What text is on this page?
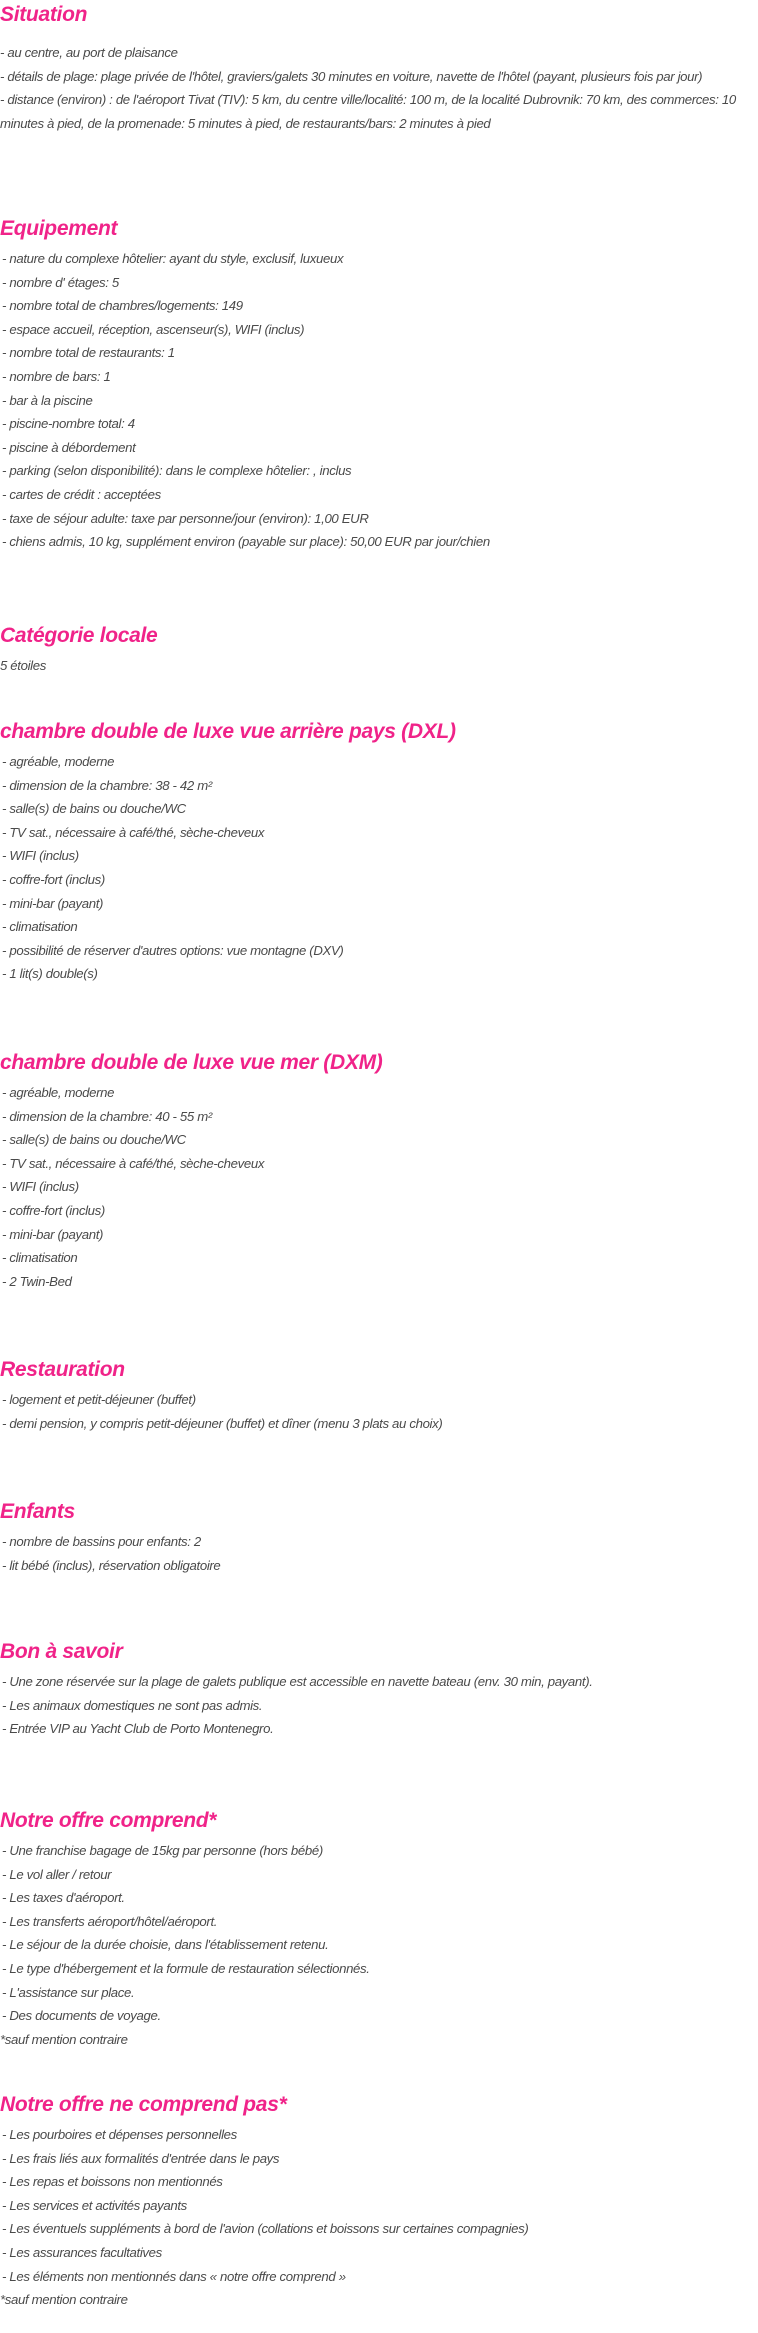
Situation
- au centre, au port de plaisance
- détails de plage: plage privée de l'hôtel, graviers/galets 30 minutes en voiture, navette de l'hôtel (payant, plusieurs fois par jour)
- distance (environ) : de l'aéroport Tivat (TIV): 5 km, du centre ville/localité: 100 m, de la localité Dubrovnik: 70 km, des commerces: 10 minutes à pied, de la promenade: 5 minutes à pied, de restaurants/bars: 2 minutes à pied
Equipement
- nature du complexe hôtelier: ayant du style, exclusif, luxueux
- nombre d' étages: 5
- nombre total de chambres/logements: 149
- espace accueil, réception, ascenseur(s), WIFI (inclus)
- nombre total de restaurants: 1
- nombre de bars: 1
- bar à la piscine
- piscine-nombre total: 4
- piscine à débordement
- parking (selon disponibilité): dans le complexe hôtelier: , inclus
- cartes de crédit : acceptées
- taxe de séjour adulte: taxe par personne/jour (environ): 1,00 EUR
- chiens admis, 10 kg, supplément environ (payable sur place): 50,00 EUR par jour/chien
Catégorie locale
5 étoiles
chambre double de luxe vue arrière pays (DXL)
- agréable, moderne
- dimension de la chambre: 38 - 42 m²
- salle(s) de bains ou douche/WC
- TV sat., nécessaire à café/thé, sèche-cheveux
- WIFI (inclus)
- coffre-fort (inclus)
- mini-bar (payant)
- climatisation
- possibilité de réserver d'autres options: vue montagne (DXV)
- 1 lit(s) double(s)
chambre double de luxe vue mer (DXM)
- agréable, moderne
- dimension de la chambre: 40 - 55 m²
- salle(s) de bains ou douche/WC
- TV sat., nécessaire à café/thé, sèche-cheveux
- WIFI (inclus)
- coffre-fort (inclus)
- mini-bar (payant)
- climatisation
- 2 Twin-Bed
Restauration
- logement et petit-déjeuner (buffet)
- demi pension, y compris petit-déjeuner (buffet) et dîner (menu 3 plats au choix)
Enfants
- nombre de bassins pour enfants: 2
- lit bébé (inclus), réservation obligatoire
Bon à savoir
- Une zone réservée sur la plage de galets publique est accessible en navette bateau (env. 30 min, payant).
- Les animaux domestiques ne sont pas admis.
- Entrée VIP au Yacht Club de Porto Montenegro.
Notre offre comprend*
- Une franchise bagage de 15kg par personne (hors bébé)
- Le vol aller / retour
- Les taxes d'aéroport.
- Les transferts aéroport/hôtel/aéroport.
- Le séjour de la durée choisie, dans l'établissement retenu.
- Le type d'hébergement et la formule de restauration sélectionnés.
- L'assistance sur place.
- Des documents de voyage.
*sauf mention contraire
Notre offre ne comprend pas*
- Les pourboires et dépenses personnelles
- Les frais liés aux formalités d'entrée dans le pays
- Les repas et boissons non mentionnés
- Les services et activités payants
- Les éventuels suppléments à bord de l'avion (collations et boissons sur certaines compagnies)
- Les assurances facultatives
- Les éléments non mentionnés dans « notre offre comprend »
*sauf mention contraire
